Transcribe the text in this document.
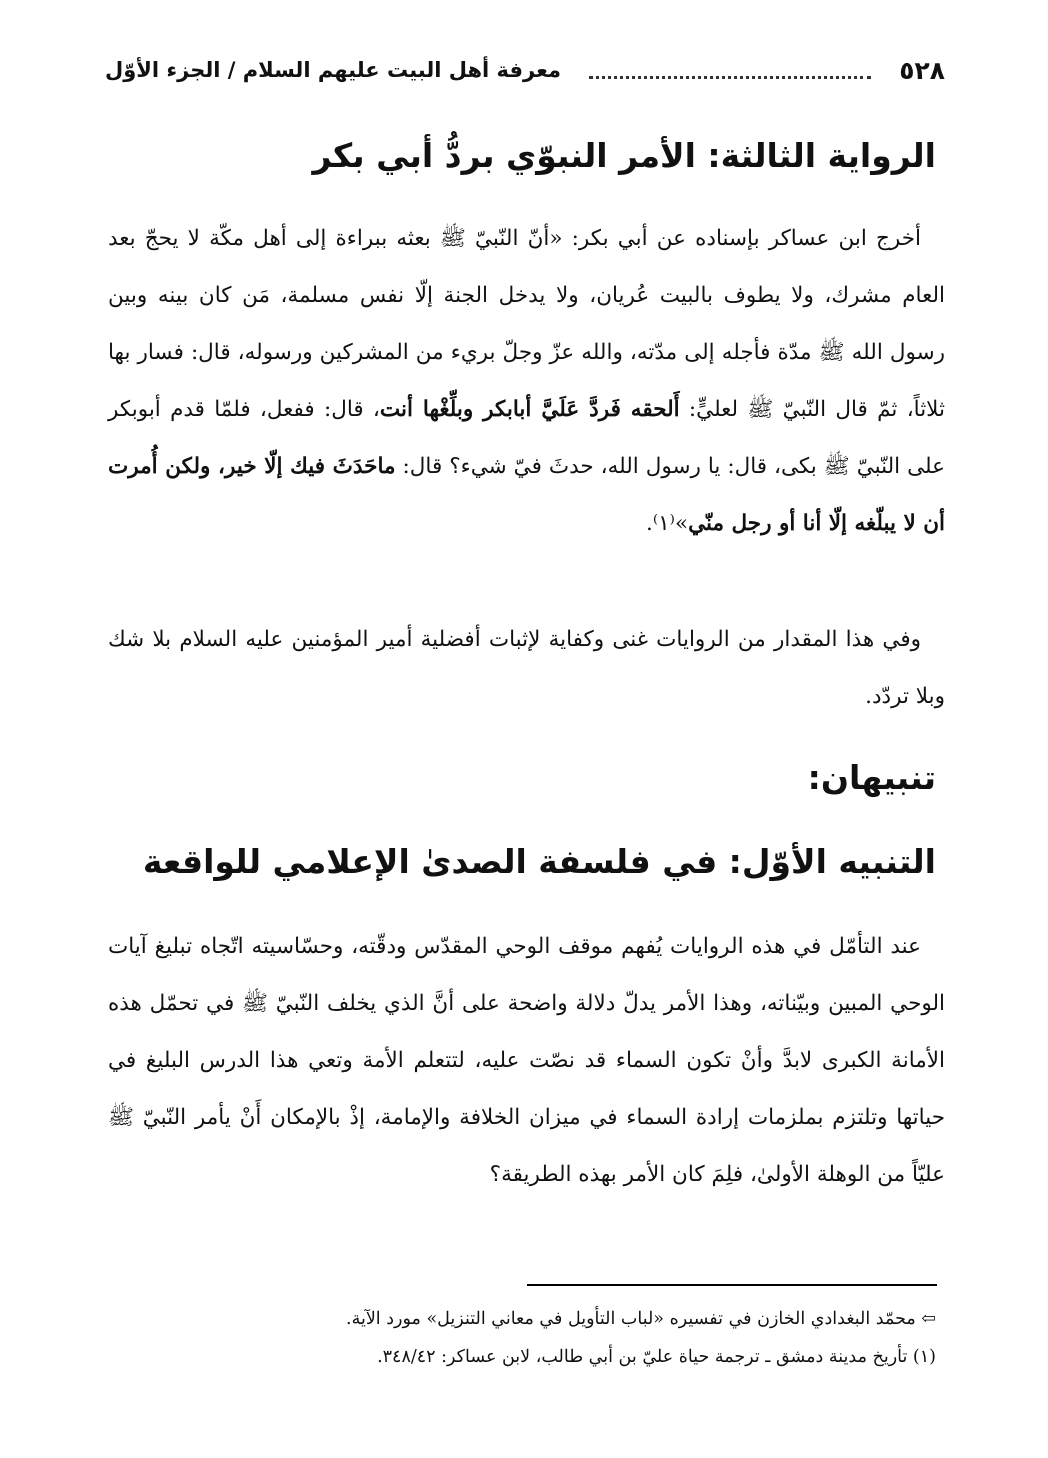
٥٢٨
معرفة أهل البيت عليهم السلام / الجزء الأوّل
الرواية الثالثة: الأمر النبوّي بردُّ أبي بكر

أخرج ابن عساكر بإسناده عن أبي بكر: «أنّ النّبيّ ﷺ بعثه ببراءة إلى أهل مكّة لا يحجّ بعد العام مشرك، ولا يطوف بالبيت عُريان، ولا يدخل الجنة إلّا نفس مسلمة، مَن كان بينه وبين رسول الله ﷺ مدّة فأجله إلى مدّته، والله عزّ وجلّ بريء من المشركين ورسوله، قال: فسار بها ثلاثاً، ثمّ قال النّبيّ ﷺ لعليٍّ: أَلحقه فَردَّ عَلَيَّ أبابكر وبلِّغْها أنت، قال: ففعل، فلمّا قدم أبوبكر على النّبيّ ﷺ بكى، قال: يا رسول الله، حدثَ فيّ شيء؟ قال: ماحَدَثَ فيك إلّا خير، ولكن أُمرت أن لا يبلّغه إلّا أنا أو رجل منّي»⁽١⁾.

وفي هذا المقدار من الروايات غنى وكفاية لإثبات أفضلية أمير المؤمنين عليه السلام بلا شك وبلا تردّد.

تنبيهان:
التنبيه الأوّل: في فلسفة الصدىٰ الإعلامي للواقعة

عند التأمّل في هذه الروايات يُفهم موقف الوحي المقدّس ودقّته، وحسّاسيته اتّجاه تبليغ آيات الوحي المبين وبيّناته، وهذا الأمر يدلّ دلالة واضحة على أنَّ الذي يخلف النّبيّ ﷺ في تحمّل هذه الأمانة الكبرى لابدَّ وأنْ تكون السماء قد نصّت عليه، لتتعلم الأمة وتعي هذا الدرس البليغ في حياتها وتلتزم بملزمات إرادة السماء في ميزان الخلافة والإمامة، إذْ بالإمكان أَنْ يأمر النّبيّ ﷺ عليّاً من الوهلة الأولىٰ، فلِمَ كان الأمر بهذه الطريقة؟

⇦ محمّد البغدادي الخازن في تفسيره «لباب التأويل في معاني التنزيل» مورد الآية.
(١) تأريخ مدينة دمشق ـ ترجمة حياة عليّ بن أبي طالب، لابن عساكر: ٣٤٨/٤٢.
